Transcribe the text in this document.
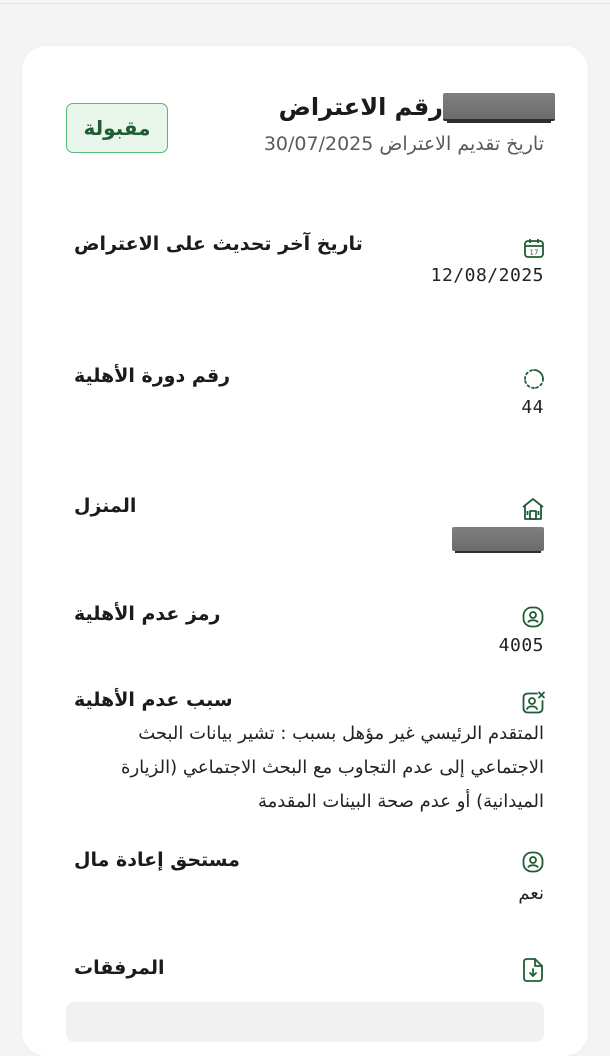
رقم الاعتراض
تاريخ تقديم الاعتراض 30/07/2025
مقبولة
تاريخ آخر تحديث على الاعتراض
12/08/2025
17
رقم دورة الأهلية
44
المنزل
رمز عدم الأهلية
4005
سبب عدم الأهلية
المتقدم الرئيسي غير مؤهل بسبب : تشير بيانات البحث الاجتماعي إلى عدم التجاوب مع البحث الاجتماعي (الزيارة الميدانية) أو عدم صحة البينات المقدمة
مستحق إعادة مال
نعم
المرفقات
